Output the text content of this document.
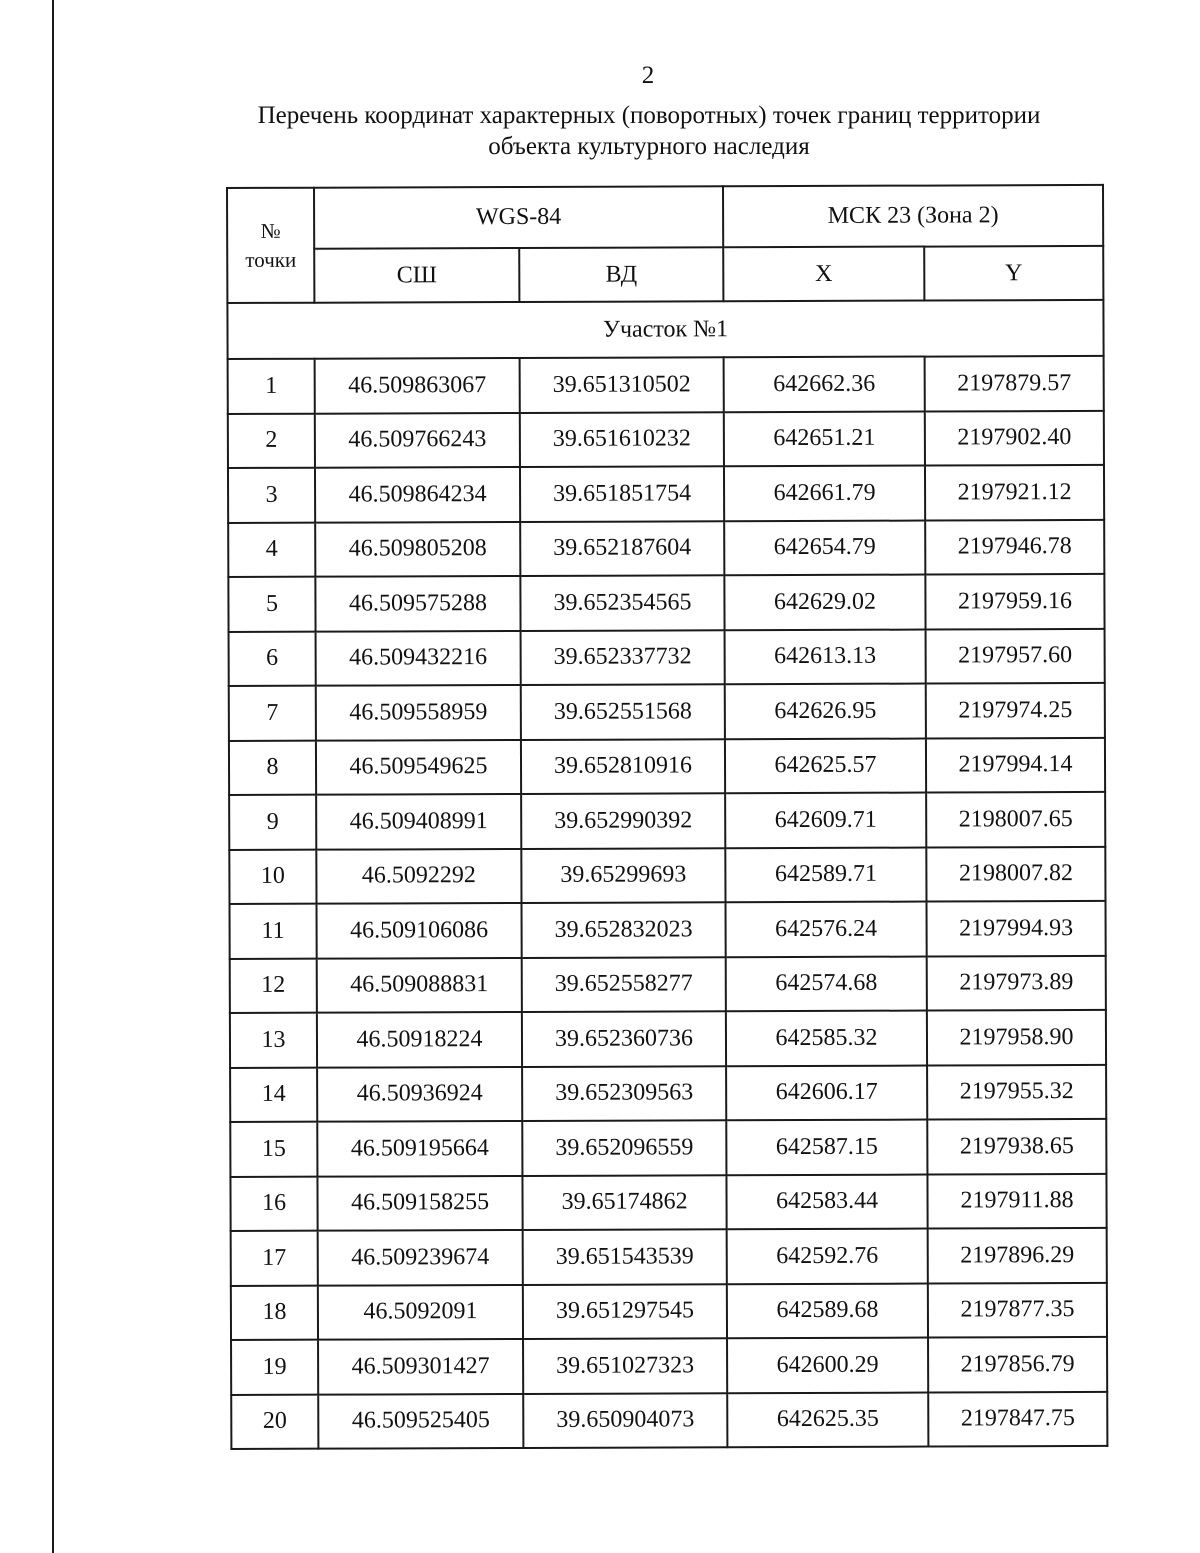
2
Перечень координат характерных (поворотных) точек границ территории
объекта культурного наследия
№
точки	WGS-84		МСК 23 (Зона 2)	
	СШ	ВД	X	Y
Участок №1				
1	46.509863067	39.651310502	642662.36	2197879.57
2	46.509766243	39.651610232	642651.21	2197902.40
3	46.509864234	39.651851754	642661.79	2197921.12
4	46.509805208	39.652187604	642654.79	2197946.78
5	46.509575288	39.652354565	642629.02	2197959.16
6	46.509432216	39.652337732	642613.13	2197957.60
7	46.509558959	39.652551568	642626.95	2197974.25
8	46.509549625	39.652810916	642625.57	2197994.14
9	46.509408991	39.652990392	642609.71	2198007.65
10	46.5092292	39.65299693	642589.71	2198007.82
11	46.509106086	39.652832023	642576.24	2197994.93
12	46.509088831	39.652558277	642574.68	2197973.89
13	46.50918224	39.652360736	642585.32	2197958.90
14	46.50936924	39.652309563	642606.17	2197955.32
15	46.509195664	39.652096559	642587.15	2197938.65
16	46.509158255	39.65174862	642583.44	2197911.88
17	46.509239674	39.651543539	642592.76	2197896.29
18	46.5092091	39.651297545	642589.68	2197877.35
19	46.509301427	39.651027323	642600.29	2197856.79
20	46.509525405	39.650904073	642625.35	2197847.75
